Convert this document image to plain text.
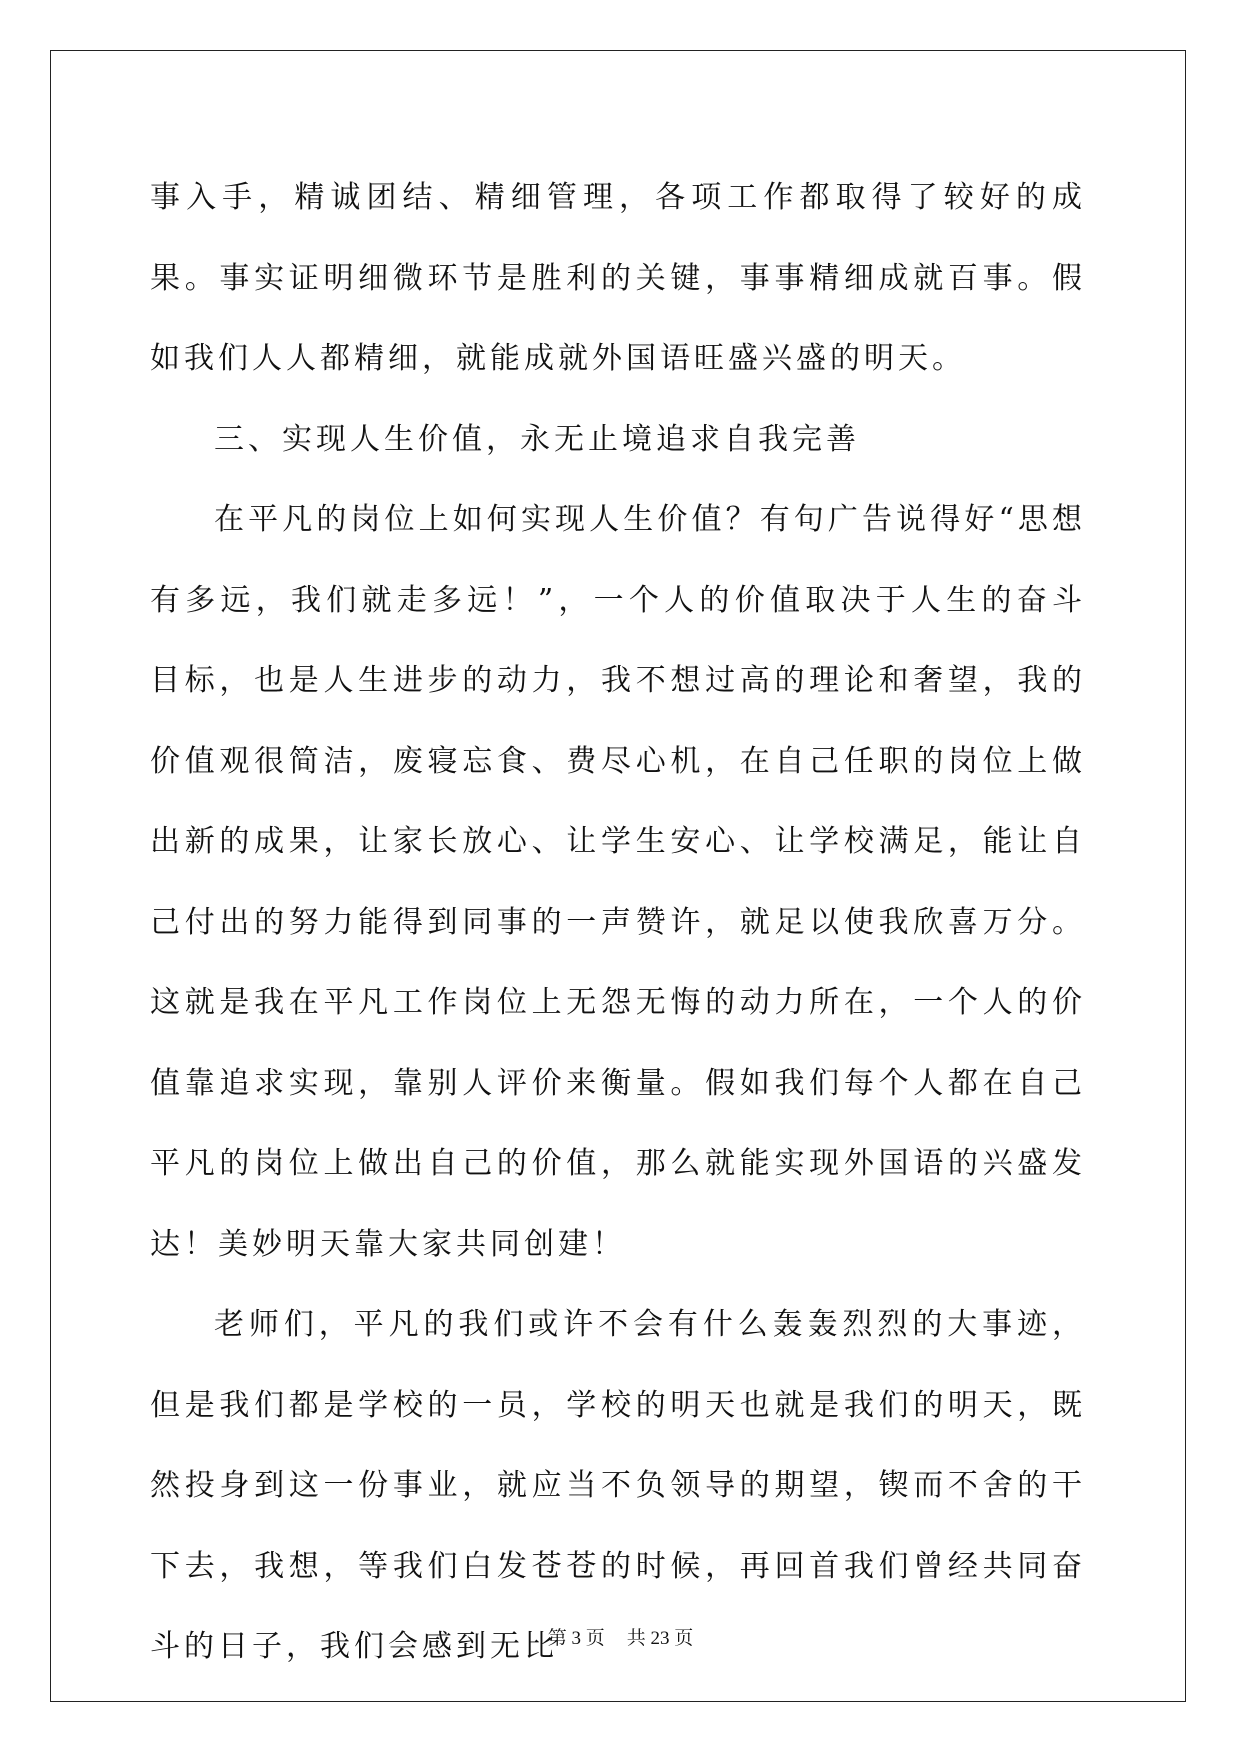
事入手，精诚团结、精细管理，各项工作都取得了较好的成果。事实证明细微环节是胜利的关键，事事精细成就百事。假如我们人人都精细，就能成就外国语旺盛兴盛的明天。

三、实现人生价值，永无止境追求自我完善

在平凡的岗位上如何实现人生价值？有句广告说得好“思想有多远，我们就走多远！”，一个人的价值取决于人生的奋斗目标，也是人生进步的动力，我不想过高的理论和奢望，我的价值观很简洁，废寝忘食、费尽心机，在自己任职的岗位上做出新的成果，让家长放心、让学生安心、让学校满足，能让自己付出的努力能得到同事的一声赞许，就足以使我欣喜万分。这就是我在平凡工作岗位上无怨无悔的动力所在，一个人的价值靠追求实现，靠别人评价来衡量。假如我们每个人都在自己平凡的岗位上做出自己的价值，那么就能实现外国语的兴盛发达！美妙明天靠大家共同创建！

老师们，平凡的我们或许不会有什么轰轰烈烈的大事迹，但是我们都是学校的一员，学校的明天也就是我们的明天，既然投身到这一份事业，就应当不负领导的期望，锲而不舍的干下去，我想，等我们白发苍苍的时候，再回首我们曾经共同奋斗的日子，我们会感到无比

第 3 页 共 23 页
